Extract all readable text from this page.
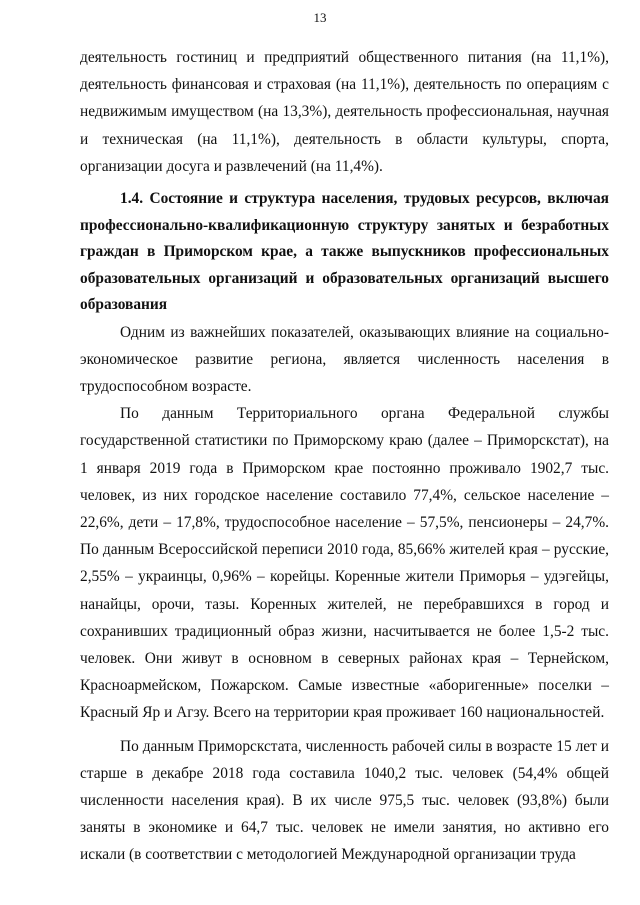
13

деятельность гостиниц и предприятий общественного питания (на 11,1%), деятельность финансовая и страховая (на 11,1%), деятельность по операциям с недвижимым имуществом (на 13,3%), деятельность профессиональная, научная и техническая (на 11,1%), деятельность в области культуры, спорта, организации досуга и развлечений (на 11,4%).

1.4. Состояние и структура населения, трудовых ресурсов, включая профессионально-квалификационную структуру занятых и безработных граждан в Приморском крае, а также выпускников профессиональных образовательных организаций и образовательных организаций высшего образования

Одним из важнейших показателей, оказывающих влияние на социально-экономическое развитие региона, является численность населения в трудоспособном возрасте.

По данным Территориального органа Федеральной службы государственной статистики по Приморскому краю (далее – Приморскстат), на 1 января 2019 года в Приморском крае постоянно проживало 1902,7 тыс. человек, из них городское население составило 77,4%, сельское население – 22,6%, дети – 17,8%, трудоспособное население – 57,5%, пенсионеры – 24,7%. По данным Всероссийской переписи 2010 года, 85,66% жителей края – русские, 2,55% – украинцы, 0,96% – корейцы. Коренные жители Приморья – удэгейцы, нанайцы, орочи, тазы. Коренных жителей, не перебравшихся в город и сохранивших традиционный образ жизни, насчитывается не более 1,5-2 тыс. человек. Они живут в основном в северных районах края – Тернейском, Красноармейском, Пожарском. Самые известные «аборигенные» поселки – Красный Яр и Агзу. Всего на территории края проживает 160 национальностей.

По данным Приморскстата, численность рабочей силы в возрасте 15 лет и старше в декабре 2018 года составила 1040,2 тыс. человек (54,4% общей численности населения края). В их числе 975,5 тыс. человек (93,8%) были заняты в экономике и 64,7 тыс. человек не имели занятия, но активно его искали (в соответствии с методологией Международной организации труда
